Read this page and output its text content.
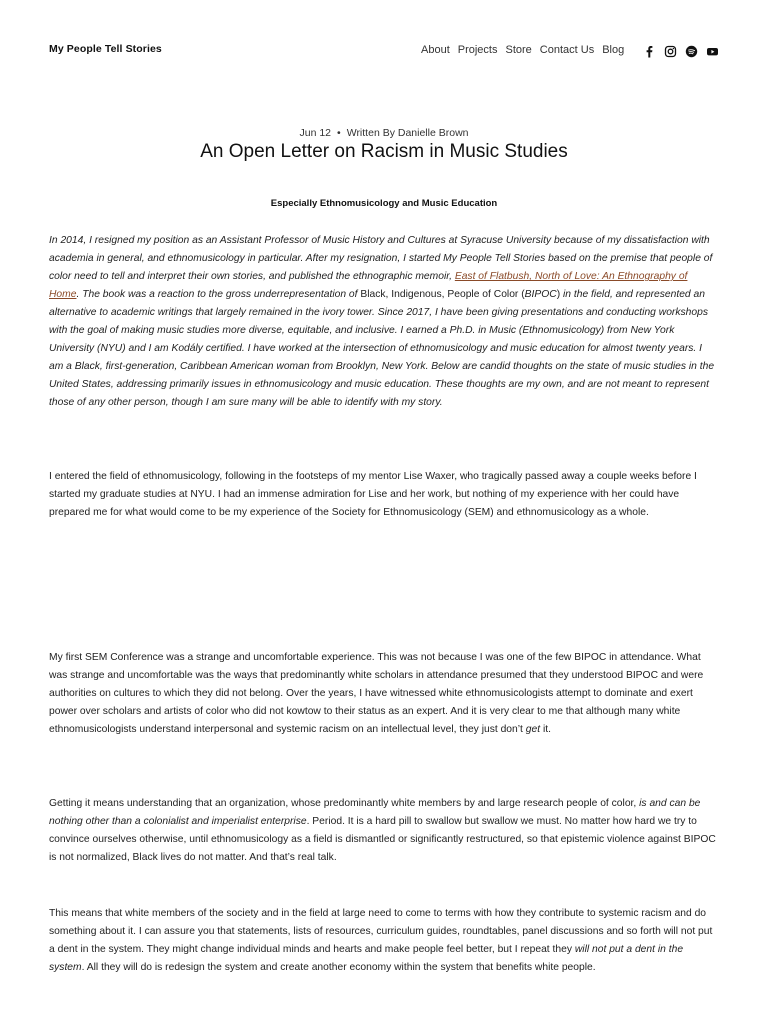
My People Tell Stories	About Projects Store Contact Us Blog
Jun 12 • Written By Danielle Brown
An Open Letter on Racism in Music Studies
Especially Ethnomusicology and Music Education

In 2014, I resigned my position as an Assistant Professor of Music History and Cultures at Syracuse University because of my dissatisfaction with academia in general, and ethnomusicology in particular. After my resignation, I started My People Tell Stories based on the premise that people of color need to tell and interpret their own stories, and published the ethnographic memoir, East of Flatbush, North of Love: An Ethnography of Home. The book was a reaction to the gross underrepresentation of Black, Indigenous, People of Color (BIPOC) in the field, and represented an alternative to academic writings that largely remained in the ivory tower. Since 2017, I have been giving presentations and conducting workshops with the goal of making music studies more diverse, equitable, and inclusive. I earned a Ph.D. in Music (Ethnomusicology) from New York University (NYU) and I am Kodály certified. I have worked at the intersection of ethnomusicology and music education for almost twenty years. I am a Black, first-generation, Caribbean American woman from Brooklyn, New York. Below are candid thoughts on the state of music studies in the United States, addressing primarily issues in ethnomusicology and music education. These thoughts are my own, and are not meant to represent those of any other person, though I am sure many will be able to identify with my story.

I entered the field of ethnomusicology, following in the footsteps of my mentor Lise Waxer, who tragically passed away a couple weeks before I started my graduate studies at NYU. I had an immense admiration for Lise and her work, but nothing of my experience with her could have prepared me for what would come to be my experience of the Society for Ethnomusicology (SEM) and ethnomusicology as a whole.

My first SEM Conference was a strange and uncomfortable experience. This was not because I was one of the few BIPOC in attendance. What was strange and uncomfortable was the ways that predominantly white scholars in attendance presumed that they understood BIPOC and were authorities on cultures to which they did not belong. Over the years, I have witnessed white ethnomusicologists attempt to dominate and exert power over scholars and artists of color who did not kowtow to their status as an expert. And it is very clear to me that although many white ethnomusicologists understand interpersonal and systemic racism on an intellectual level, they just don’t get it.

Getting it means understanding that an organization, whose predominantly white members by and large research people of color, is and can be nothing other than a colonialist and imperialist enterprise. Period. It is a hard pill to swallow but swallow we must. No matter how hard we try to convince ourselves otherwise, until ethnomusicology as a field is dismantled or significantly restructured, so that epistemic violence against BIPOC is not normalized, Black lives do not matter. And that’s real talk.

This means that white members of the society and in the field at large need to come to terms with how they contribute to systemic racism and do something about it. I can assure you that statements, lists of resources, curriculum guides, roundtables, panel discussions and so forth will not put a dent in the system. They might change individual minds and hearts and make people feel better, but I repeat they will not put a dent in the system. All they will do is redesign the system and create another economy within the system that benefits white people.
